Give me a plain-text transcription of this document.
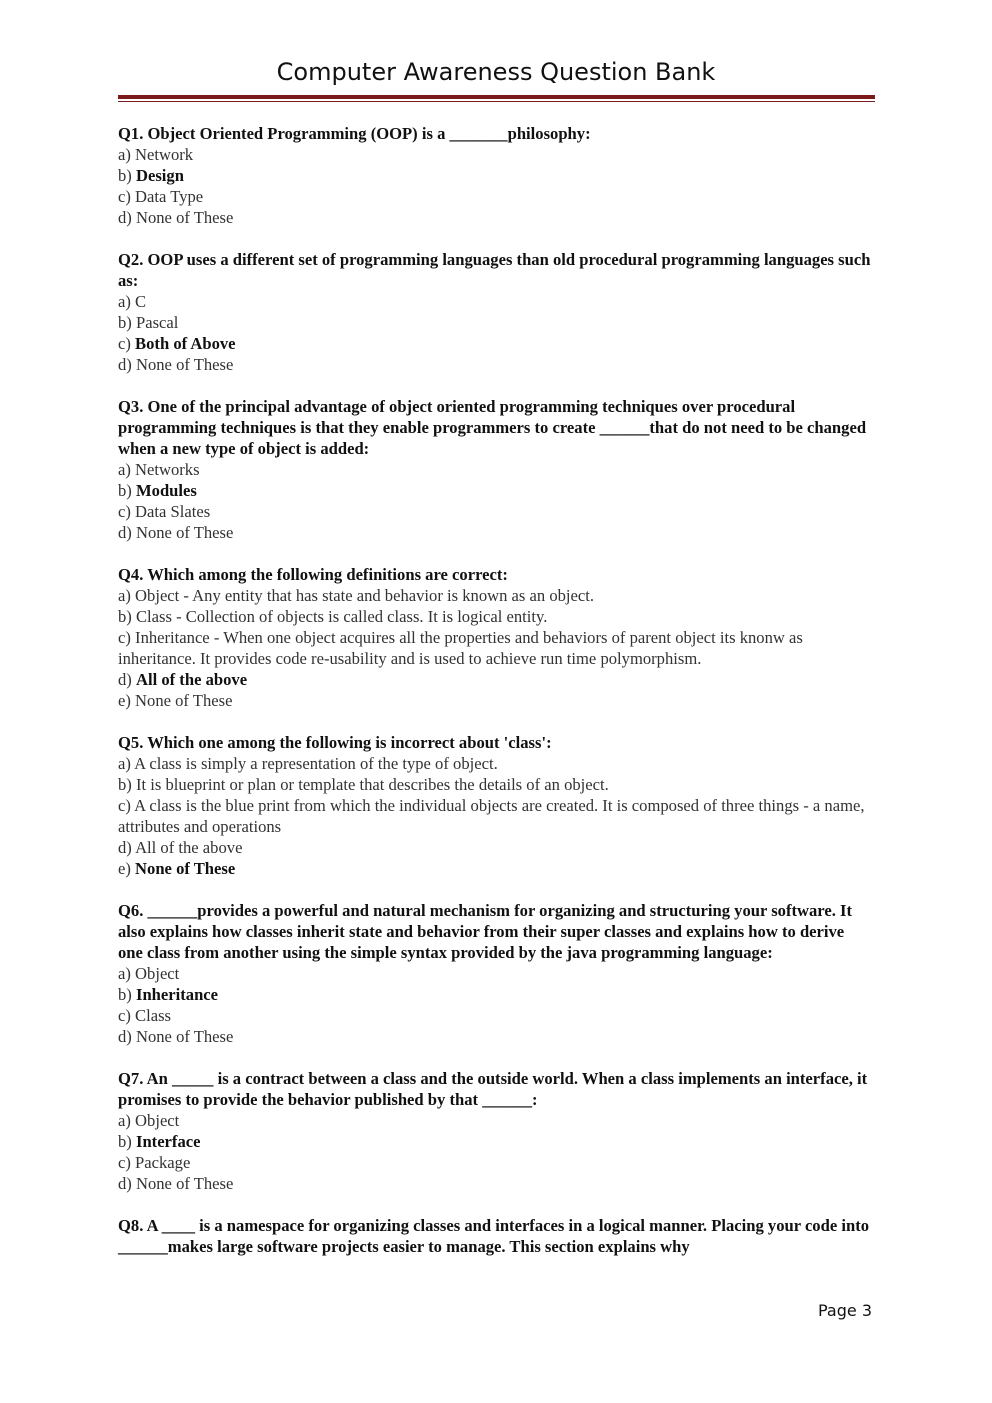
Computer Awareness Question Bank
Q1. Object Oriented Programming (OOP) is a _______philosophy:
a) Network
b) Design
c) Data Type
d) None of These
Q2. OOP uses a different set of programming languages than old procedural programming languages such as:
a) C
b) Pascal
c) Both of Above
d) None of These
Q3. One of the principal advantage of object oriented programming techniques over procedural programming techniques is that they enable programmers to create ______that do not need to be changed when a new type of object is added:
a) Networks
b) Modules
c) Data Slates
d) None of These
Q4. Which among the following definitions are correct:
a) Object - Any entity that has state and behavior is known as an object.
b) Class - Collection of objects is called class. It is logical entity.
c) Inheritance - When one object acquires all the properties and behaviors of parent object its knonw as inheritance. It provides code re-usability and is used to achieve run time polymorphism.
d) All of the above
e) None of These
Q5. Which one among the following is incorrect about 'class':
a) A class is simply a representation of the type of object.
b) It is blueprint or plan or template that describes the details of an object.
c) A class is the blue print from which the individual objects are created. It is composed of three things - a name, attributes and operations
d) All of the above
e) None of These
Q6. ______provides a powerful and natural mechanism for organizing and structuring your software. It also explains how classes inherit state and behavior from their super classes and explains how to derive one class from another using the simple syntax provided by the java programming language:
a) Object
b) Inheritance
c) Class
d) None of These
Q7. An _____ is a contract between a class and the outside world. When a class implements an interface, it promises to provide the behavior published by that ______:
a) Object
b) Interface
c) Package
d) None of These
Q8. A ____ is a namespace for organizing classes and interfaces in a logical manner. Placing your code into ______makes large software projects easier to manage. This section explains why
Page 3
